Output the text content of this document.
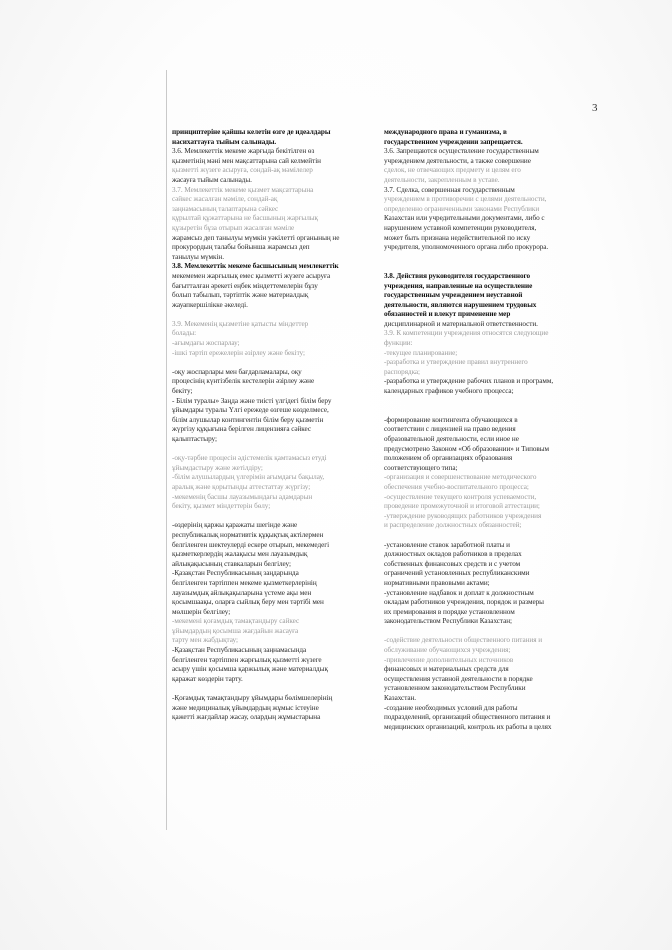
3
принциптеріне қайшы келетін өзге де идеалдары
насихаттауға тыйым салынады.
3.6. Мемлекеттік мекеме жарғыда бекітілген өз
қызметінің мәні мен мақсаттарына сай келмейтін
қызметті жүзеге асыруға, сондай-ақ мәмілелер
жасауға тыйым салынады.
3.7. Мемлекеттік мекеме қызмет мақсаттарына
сәйкес жасалған мәміле, сондай-ақ
заңнамасының талаптарына сәйкес
құрылтай құжаттарына не басшының жарғылық
құзыретін бұза отырып жасалған мәміле
жарамсыз деп танылуы мүмкін уәкілетті органының не
прокурордың талабы бойынша жарамсыз деп
танылуы мүмкін.
3.8. Мемлекеттік мекеме басшысының мемлекеттік
мекемемен жарғылық емес қызметті жүзеге асыруға
бағытталған әрекеті еңбек міндеттемелерін бұзу
болып табылып, тәртіптік және материалдық
жауапкершілікке әкеледі.
3.9. Мекеменің қызметіне қатысты міндеттер
болады:
-ағымдағы жоспарлау;
-ішкі тәртіп ережелерін әзірлеу және бекіту;
-оқу жоспарлары мен бағдарламалары, оқу
процесінің күнтізбелік кестелерін әзірлеу және
бекіту;
- Білім туралы» Заңда және тиісті үлгідегі білім беру
ұйымдары туралы Үлгі ережеде өзгеше көзделмесе,
білім алушылар контингентін білім беру қызметін
жүргізу құқығына берілген лицензияға сәйкес
қалыптастыру;
-оқу-тәрбие процесін әдістемелік қамтамасыз етуді
ұйымдастыру және жетілдіру;
-білім алушылардың үлгерімін ағымдағы бақылау,
аралық және қорытынды аттестаттау жүргізу;
-мекеменің басшы лауазымындағы адамдарын
бекіту, қызмет міндеттерін бөлу;
-өздерінің қаржы қаражаты шегінде және
республикалық нормативтік құқықтық актілермен
белгіленген шектеулерді ескере отырып, мекемедегі
қызметкерлердің жалақысы мен лауазымдық
айлықақысының ставкаларын белгілеу;
-Қазақстан Республикасының заңдарында
белгіленген тәртіппен мекеме қызметкерлерінің
лауазымдық айлықақыларына үстеме ақы мен
қосымшаақы, оларға сыйлық беру мен тәртібі мен
мөлшерін белгілеу;
-мекемені қоғамдық тамақтандыру сайкес
ұйымдардың қосымша жағдайын жасауға
тарту мен жабдықтау;
-Қазақстан Республикасының заңнамасында
белгіленген тәртіппен жарғылық қызметті жүзеге
асыру үшін қосымша қаржылық және материалдық
қаражат көздерін тарту.
-Қоғамдық тамақтандыру ұйымдары бөлімшелерінің
және медициналық ұйымдардың жұмыс істеуіне
қажетті жағдайлар жасау, олардың жұмыстарына
международного права и гуманизма, в
государственном учреждении запрещается.
3.6. Запрещаются осуществление государственным
учреждением деятельности, а также совершение
сделок, не отвечающих предмету и целям его
деятельности, закрепленным в уставе.
3.7. Сделка, совершенная государственным
учреждением в противоречии с целями деятельности,
определенно ограниченными законами Республики
Казахстан или учредительными документами, либо с
нарушением уставной компетенции руководителя,
может быть признана недействительной по иску
учредителя, уполномоченного органа либо прокурора.
3.8. Действия руководителя государственного
учреждения, направленные на осуществление
государственным учреждением неуставной
деятельности, являются нарушением трудовых
обязанностей и влекут применение мер
дисциплинарной и материальной ответственности.
3.9. К компетенции учреждения относятся следующие
функции:
-текущее планирование;
-разработка и утверждение правил внутреннего
распорядка;
-разработка и утверждение рабочих планов и программ,
календарных графиков учебного процесса;
-формирование контингента обучающихся в
соответствии с лицензией на право ведения
образовательной деятельности, если иное не
предусмотрено Законом «Об образовании» и Типовым
положением об организациях образования
соответствующего типа;
-организация и совершенствование методического
обеспечения учебно-воспитательного процесса;
-осуществление текущего контроля успеваемости,
проведение промежуточной и итоговой аттестации;
-утверждение руководящих работников учреждения
и распределение должностных обязанностей;
-установление ставок заработной платы и
должностных окладов работников в пределах
собственных финансовых средств и с учетом
ограничений установленных республиканскими
нормативными правовыми актами;
-установление надбавок и доплат к должностным
окладам работников учреждения, порядок и размеры
их премирования в порядке установленном
законодательством Республики Казахстан;
-содействие деятельности общественного питания и
обслуживание обучающихся учреждения;
-привлечение дополнительных источников
финансовых и материальных средств для
осуществления уставной деятельности в порядке
установленном законодательством Республики
Казахстан.
-создание необходимых условий для работы
подразделений, организаций общественного питания и
медицинских организаций, контроль их работы в целях
